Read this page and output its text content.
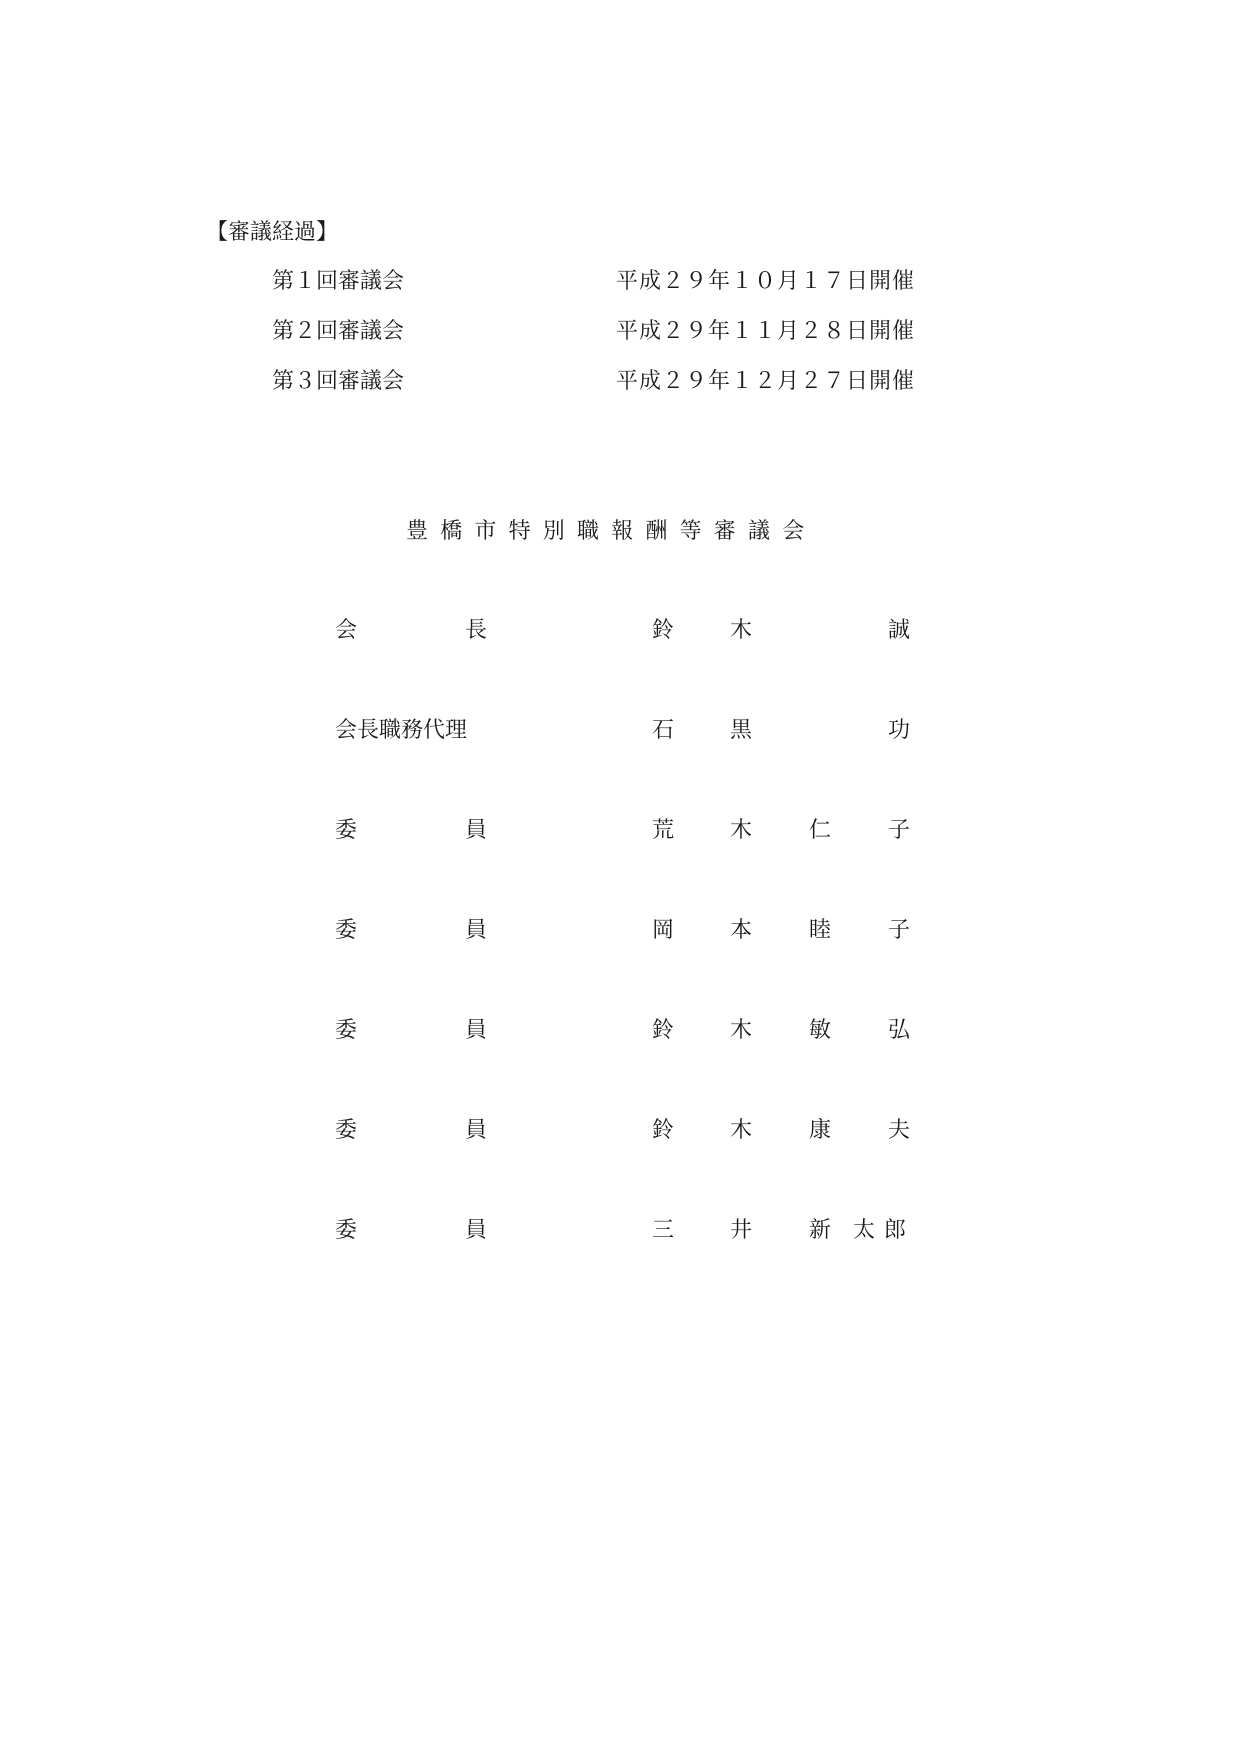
【審議経過】
第１回審議会	平成２９年１０月１７日開催
第２回審議会	平成２９年１１月２８日開催
第３回審議会	平成２９年１２月２７日開催
豊橋市特別職報酬等審議会
会	長	鈴	木	誠
会長職務代理	石	黒	功
委	員	荒	木	仁	子
委	員	岡	本	睦	子
委	員	鈴	木	敏	弘
委	員	鈴	木	康	夫
委	員	三	井	新 太郎
